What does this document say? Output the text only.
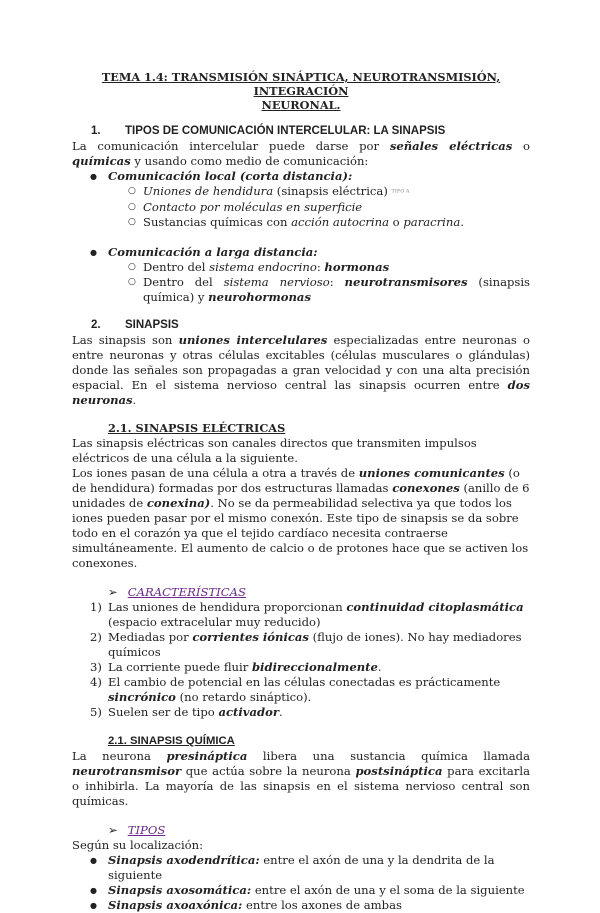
TEMA 1.4: TRANSMISIÓN SINÁPTICA, NEUROTRANSMISIÓN, INTEGRACIÓN
NEURONAL.
1. TIPOS DE COMUNICACIÓN INTERCELULAR: LA SINAPSIS

La comunicación intercelular puede darse por señales eléctricas o químicas y usando como medio de comunicación:

● Comunicación local (corta distancia):
○ Uniones de hendidura (sinapsis eléctrica) TIPO A
○ Contacto por moléculas en superficie
○ Sustancias químicas con acción autocrina o paracrina.
● Comunicación a larga distancia:
○ Dentro del sistema endocrino: hormonas
○ Dentro del sistema nervioso: neurotransmisores (sinapsis química) y neurohormonas
2. SINAPSIS

Las sinapsis son uniones intercelulares especializadas entre neuronas o entre neuronas y otras células excitables (células musculares o glándulas) donde las señales son propagadas a gran velocidad y con una alta precisión espacial. En el sistema nervioso central las sinapsis ocurren entre dos neuronas.

2.1. SINAPSIS ELÉCTRICAS

Las sinapsis eléctricas son canales directos que transmiten impulsos eléctricos de una célula a la siguiente.

Los iones pasan de una célula a otra a través de uniones comunicantes (o de hendidura) formadas por dos estructuras llamadas conexones (anillo de 6 unidades de conexina). No se da permeabilidad selectiva ya que todos los iones pueden pasar por el mismo conexón. Este tipo de sinapsis se da sobre todo en el corazón ya que el tejido cardíaco necesita contraerse simultáneamente. El aumento de calcio o de protones hace que se activen los conexones.

➢ CARACTERÍSTICAS
1) Las uniones de hendidura proporcionan continuidad citoplasmática (espacio extracelular muy reducido)
2) Mediadas por corrientes iónicas (flujo de iones). No hay mediadores químicos
3) La corriente puede fluir bidireccionalmente.
4) El cambio de potencial en las células conectadas es prácticamente sincrónico (no retardo sináptico).
5) Suelen ser de tipo activador.
2.1. SINAPSIS QUÍMICA

La neurona presináptica libera una sustancia química llamada neurotransmisor que actúa sobre la neurona postsináptica para excitarla o inhibirla. La mayoría de las sinapsis en el sistema nervioso central son químicas.

➢ TIPOS

Según su localización:

● Sinapsis axodendrítica: entre el axón de una y la dendrita de la siguiente
● Sinapsis axosomática: entre el axón de una y el soma de la siguiente
● Sinapsis axoaxónica: entre los axones de ambas
